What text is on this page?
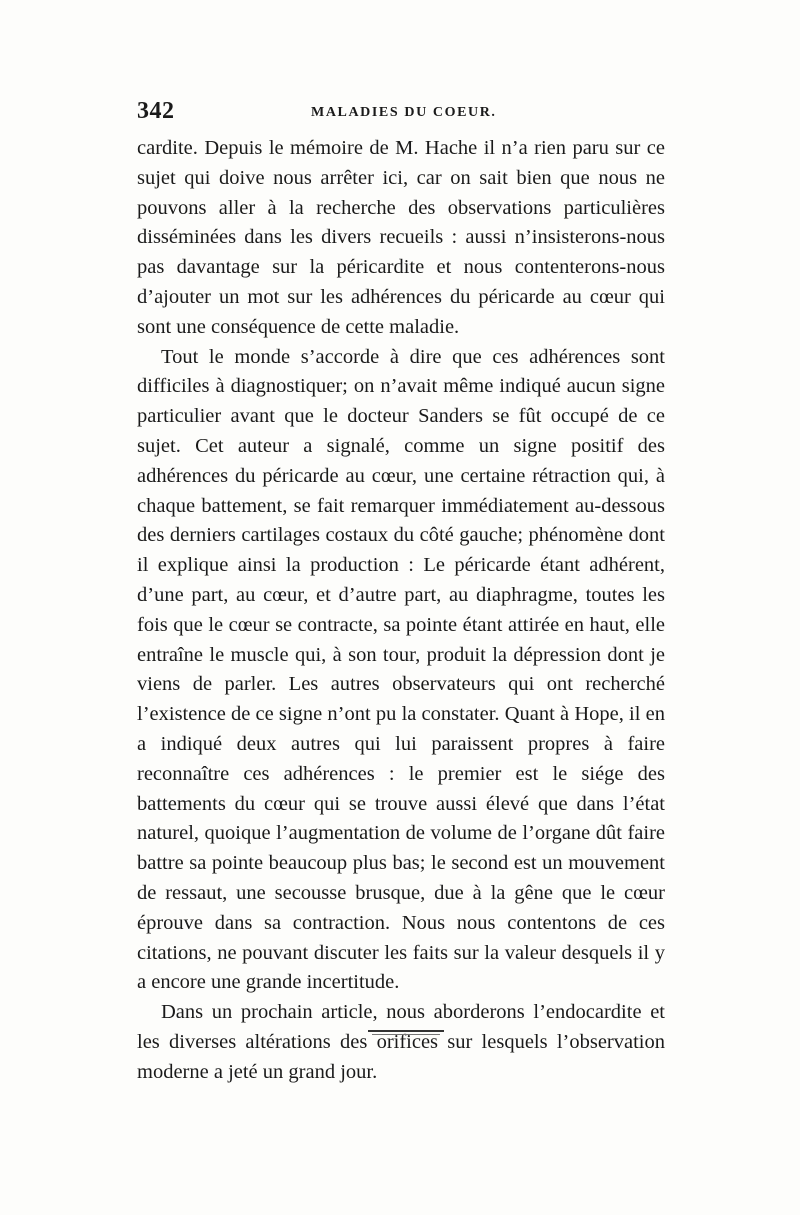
342	MALADIES DU COEUR.

cardite. Depuis le mémoire de M. Hache il n’a rien paru sur ce sujet qui doive nous arrêter ici, car on sait bien que nous ne pouvons aller à la recherche des observations particulières disséminées dans les divers recueils : aussi n’insisterons-nous pas davantage sur la péricardite et nous contenterons-nous d’ajouter un mot sur les adhérences du péricarde au cœur qui sont une conséquence de cette maladie.

Tout le monde s’accorde à dire que ces adhérences sont difficiles à diagnostiquer; on n’avait même indiqué aucun signe particulier avant que le docteur Sanders se fût occupé de ce sujet. Cet auteur a signalé, comme un signe positif des adhérences du péricarde au cœur, une certaine rétraction qui, à chaque battement, se fait remarquer immédiatement au-dessous des derniers cartilages costaux du côté gauche; phénomène dont il explique ainsi la production : Le péricarde étant adhérent, d’une part, au cœur, et d’autre part, au diaphragme, toutes les fois que le cœur se contracte, sa pointe étant attirée en haut, elle entraîne le muscle qui, à son tour, produit la dépression dont je viens de parler. Les autres observateurs qui ont recherché l’existence de ce signe n’ont pu la constater. Quant à Hope, il en a indiqué deux autres qui lui paraissent propres à faire reconnaître ces adhérences : le premier est le siége des battements du cœur qui se trouve aussi élevé que dans l’état naturel, quoique l’augmentation de volume de l’organe dût faire battre sa pointe beaucoup plus bas; le second est un mouvement de ressaut, une secousse brusque, due à la gêne que le cœur éprouve dans sa contraction. Nous nous contentons de ces citations, ne pouvant discuter les faits sur la valeur desquels il y a encore une grande incertitude.

Dans un prochain article, nous aborderons l’endocardite et les diverses altérations des orifices sur lesquels l’observation moderne a jeté un grand jour.
